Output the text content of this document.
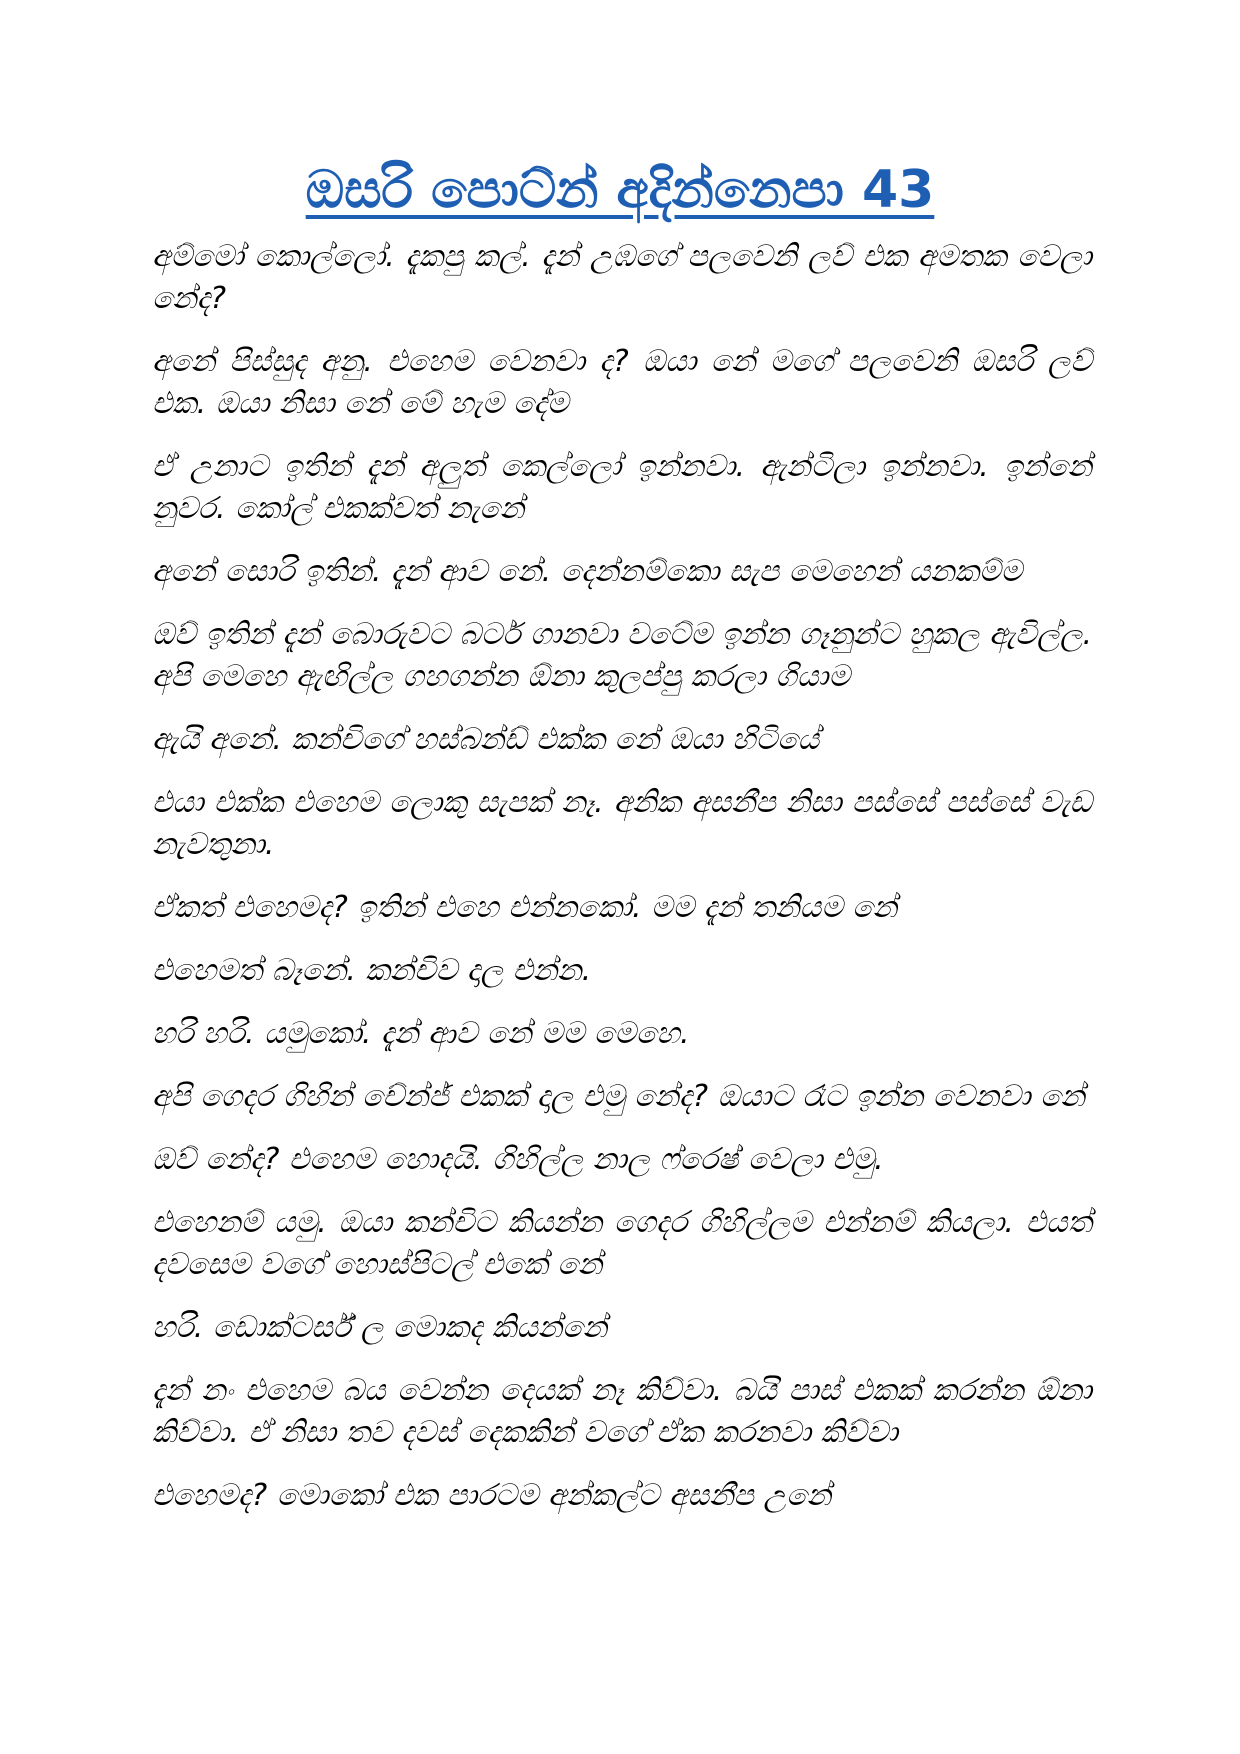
ඔසරි පොට්න් අදින්නෙපා 43

අම්මෝ කොල්ලෝ. දැකපු කල්. දැන් උඹගේ පලවෙනි ලව් එක අමතක වෙලා නේද?

අනේ පිස්සුද අනු. එහෙම වෙනවා ද? ඔයා නේ මගේ පලවෙනි ඔසරි ලව් එක. ඔයා නිසා නේ මේ හැම දේම

ඒ උනාට ඉතින් දැන් අලුත් කෙල්ලෝ ඉන්නවා. ඇන්ටිලා ඉන්නවා. ඉන්නේ නුවර. කෝල් එකක්වත් නැනේ

අනේ සොරි ඉතින්. දැන් ආව නේ. දෙන්නම්කො සැප මෙහෙන් යනකම්ම

ඔව් ඉතින් දැන් බොරුවට බටර් ගානවා වටේම ඉන්න ගෑනුන්ට හුකල ඇවිල්ල. අපි මෙහෙ ඇඟිල්ල ගහගන්න ඕනා කුලප්පු කරලා ගියාම

ඇයි අනේ. කන්චිගේ හස්බන්ඩ් එක්ක නේ ඔයා හිටියේ

එයා එක්ක එහෙම ලොකු සැපක් නෑ. අනික අසනීප නිසා පස්සේ පස්සේ වැඩ නැවතුනා.

ඒකත් එහෙමද? ඉතින් එහෙ එන්නකෝ. මම දැන් තනියම නේ

එහෙමත් බෑනේ. කන්චිව දාල එන්න.

හරි හරි. යමුකෝ. දැන් ආව නේ මම මෙහෙ.

අපි ගෙදර ගිහින් චේන්ජ් එකක් දාල එමු නේද? ඔයාට රෑට ඉන්න වෙනවා නේ

ඔව් නේද? එහෙම හොදයි. ගිහිල්ල නාල ෆ්රෙෂ් වෙලා එමු.

එහෙනම් යමු. ඔයා කන්චිට කියන්න ගෙදර ගිහිල්ලම එන්නම් කියලා. එයත් දවසෙම වගේ හොස්පිටල් එකේ නේ

හරි. ඩොක්ටර්ස් ල මොකද කියන්නේ

දැන් නං එහෙම බය වෙන්න දෙයක් නෑ කිව්වා. බයි පාස් එකක් කරන්න ඕනා කිව්වා. ඒ නිසා තව දවස් දෙකකින් වගේ ඒක කරනවා කිව්වා

එහෙමද? මොකෝ එක පාරටම අන්කල්ට අසනීප උනේ
